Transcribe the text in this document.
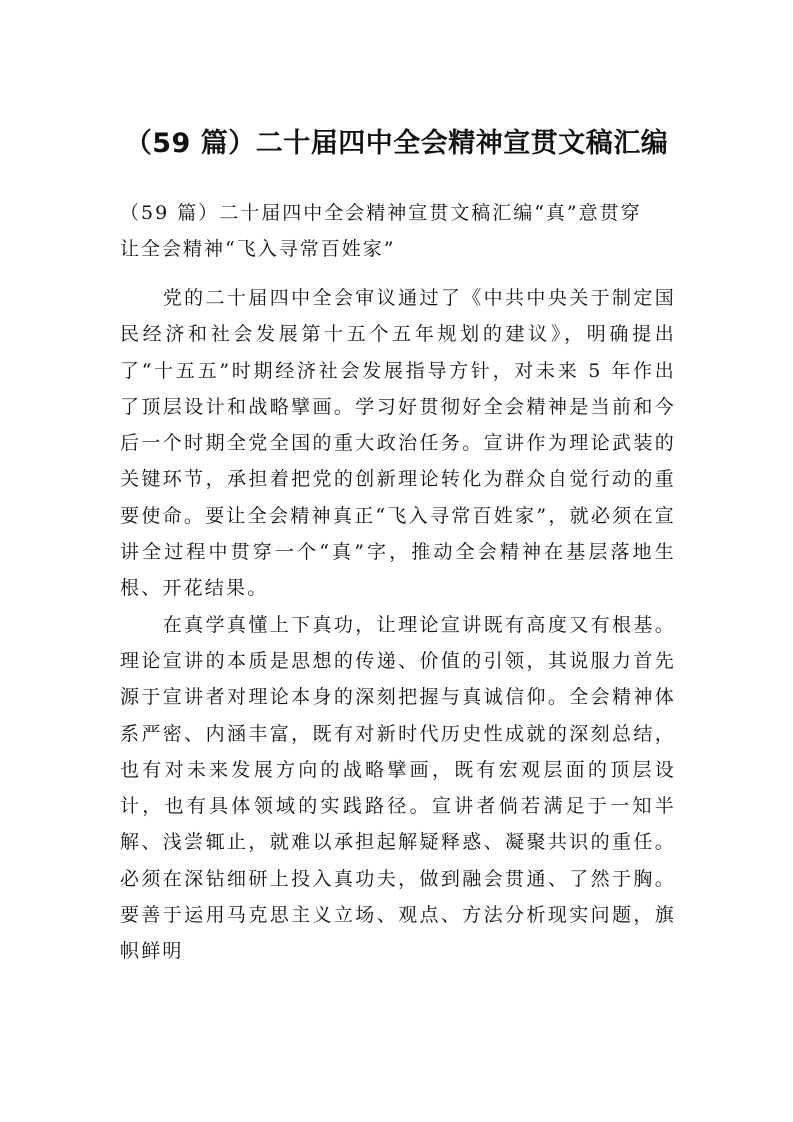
（59 篇）二十届四中全会精神宣贯文稿汇编
（59 篇）二十届四中全会精神宣贯文稿汇编“真”意贯穿
让全会精神“飞入寻常百姓家”

党的二十届四中全会审议通过了《中共中央关于制定国民经济和社会发展第十五个五年规划的建议》，明确提出了“十五五”时期经济社会发展指导方针，对未来 5 年作出了顶层设计和战略擘画。学习好贯彻好全会精神是当前和今后一个时期全党全国的重大政治任务。宣讲作为理论武装的关键环节，承担着把党的创新理论转化为群众自觉行动的重要使命。要让全会精神真正“飞入寻常百姓家”，就必须在宣讲全过程中贯穿一个“真”字，推动全会精神在基层落地生根、开花结果。

在真学真懂上下真功，让理论宣讲既有高度又有根基。理论宣讲的本质是思想的传递、价值的引领，其说服力首先源于宣讲者对理论本身的深刻把握与真诚信仰。全会精神体系严密、内涵丰富，既有对新时代历史性成就的深刻总结，也有对未来发展方向的战略擘画，既有宏观层面的顶层设计，也有具体领域的实践路径。宣讲者倘若满足于一知半解、浅尝辄止，就难以承担起解疑释惑、凝聚共识的重任。必须在深钻细研上投入真功夫，做到融会贯通、了然于胸。要善于运用马克思主义立场、观点、方法分析现实问题，旗帜鲜明
